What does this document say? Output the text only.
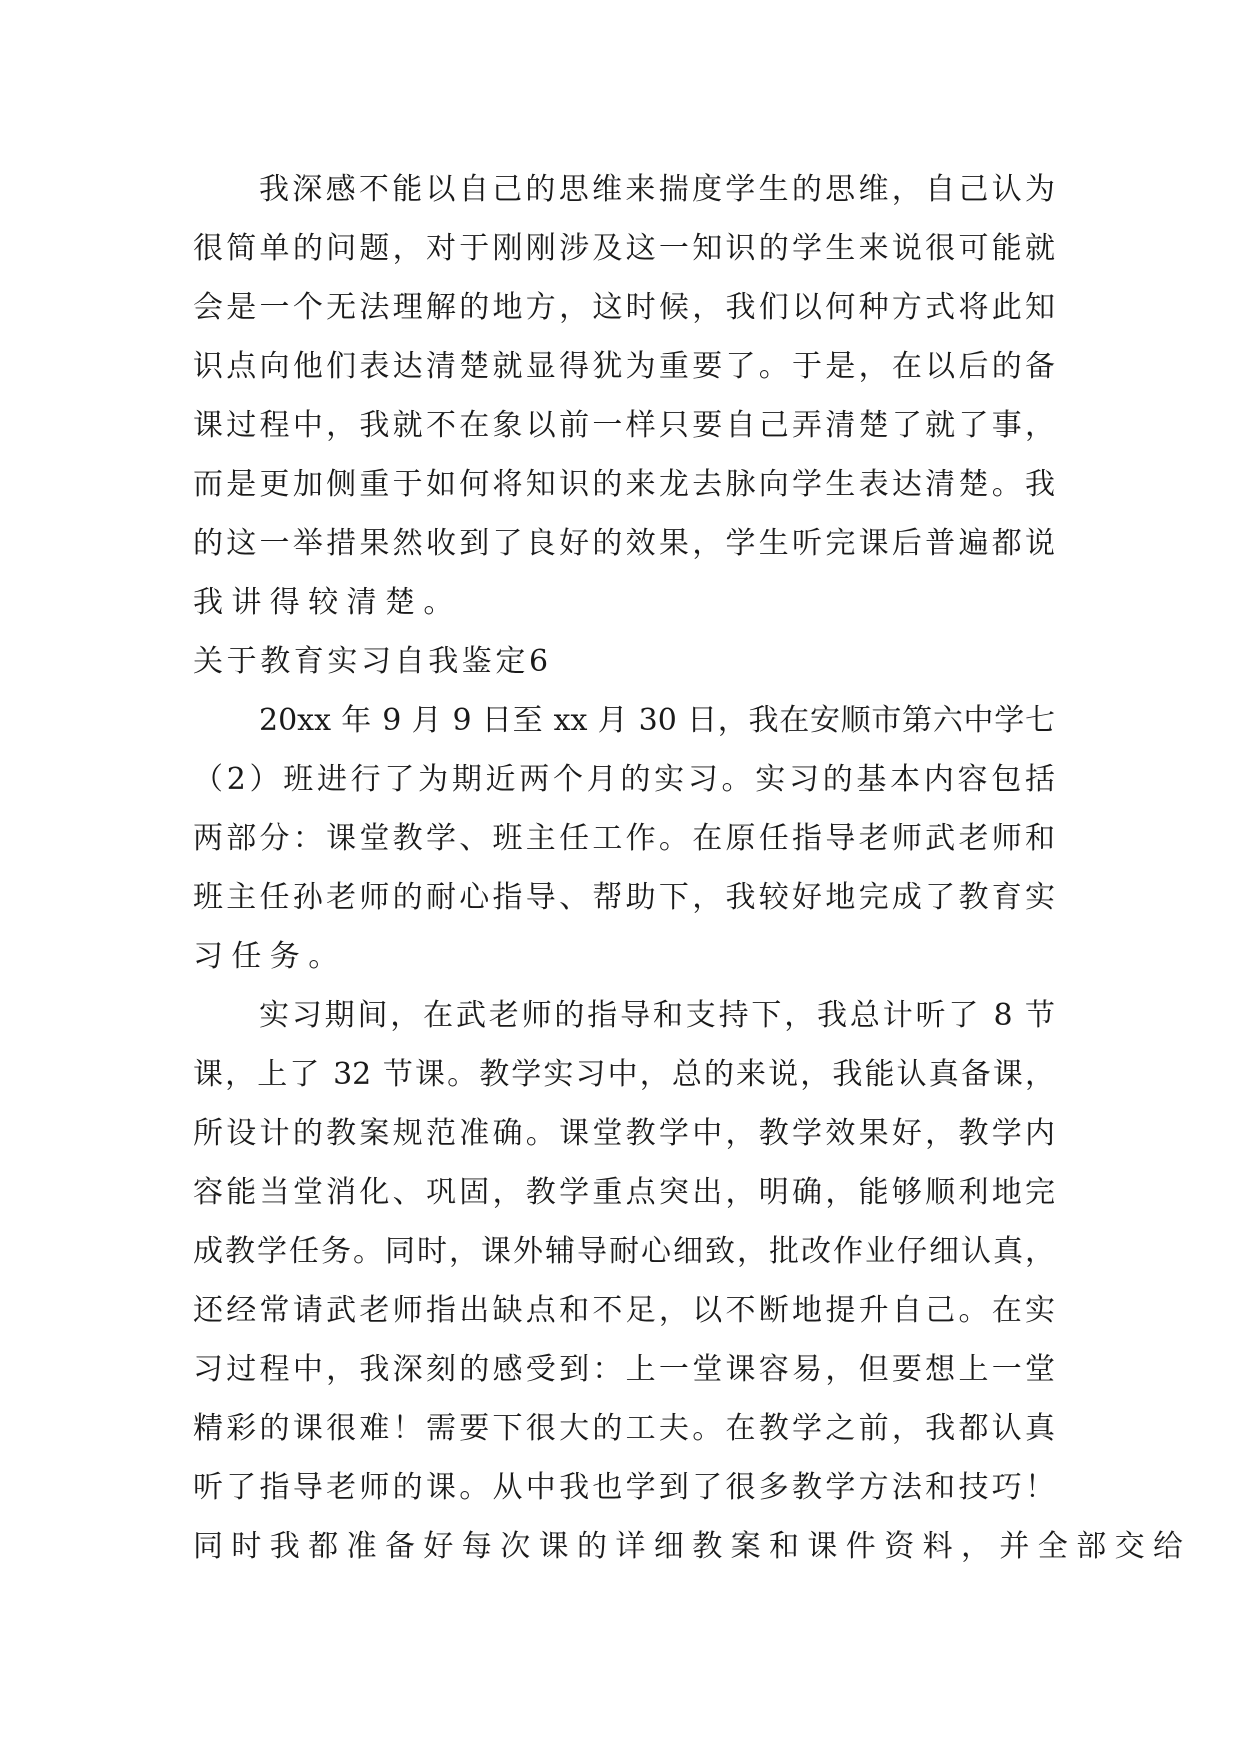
我深感不能以自己的思维来揣度学生的思维，自己认为
很简单的问题，对于刚刚涉及这一知识的学生来说很可能就
会是一个无法理解的地方，这时候，我们以何种方式将此知
识点向他们表达清楚就显得犹为重要了。于是，在以后的备
课过程中，我就不在象以前一样只要自己弄清楚了就了事，
而是更加侧重于如何将知识的来龙去脉向学生表达清楚。我
的这一举措果然收到了良好的效果，学生听完课后普遍都说
我讲得较清楚。
关于教育实习自我鉴定6
20xx 年 9 月 9 日至 xx 月 30 日，我在安顺市第六中学七
（2）班进行了为期近两个月的实习。实习的基本内容包括
两部分：课堂教学、班主任工作。在原任指导老师武老师和
班主任孙老师的耐心指导、帮助下，我较好地完成了教育实
习任务。
实习期间，在武老师的指导和支持下，我总计听了 8 节
课，上了 32 节课。教学实习中，总的来说，我能认真备课，
所设计的教案规范准确。课堂教学中，教学效果好，教学内
容能当堂消化、巩固，教学重点突出，明确，能够顺利地完
成教学任务。同时，课外辅导耐心细致，批改作业仔细认真，
还经常请武老师指出缺点和不足，以不断地提升自己。在实
习过程中，我深刻的感受到：上一堂课容易，但要想上一堂
精彩的课很难！需要下很大的工夫。在教学之前，我都认真
听了指导老师的课。从中我也学到了很多教学方法和技巧！
同时我都准备好每次课的详细教案和课件资料，并全部交给
